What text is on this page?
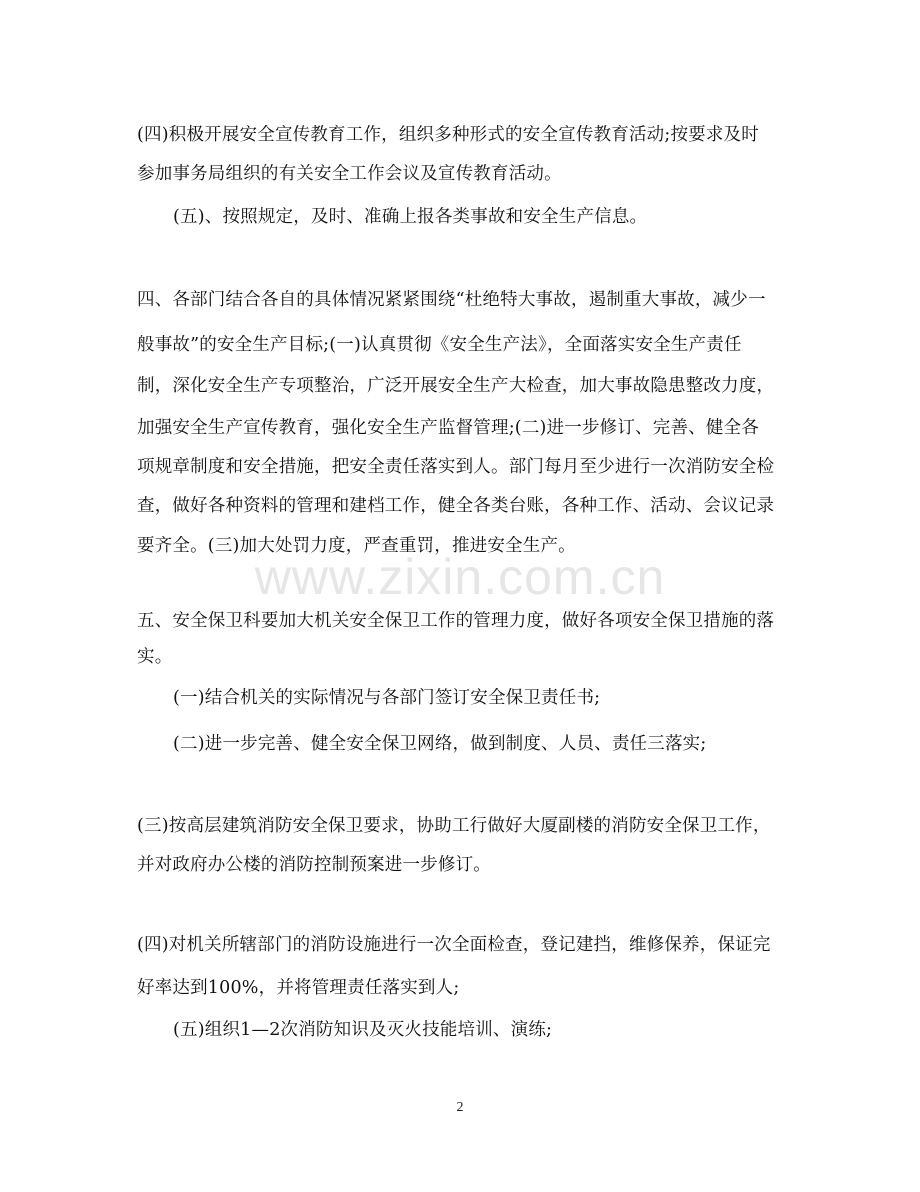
www.zixin.com.cn
(四)积极开展安全宣传教育工作，组织多种形式的安全宣传教育活动;按要求及时
参加事务局组织的有关安全工作会议及宣传教育活动。
(五)、按照规定，及时、准确上报各类事故和安全生产信息。
四、各部门结合各自的具体情况紧紧围绕“杜绝特大事故，遏制重大事故，减少一
般事故”的安全生产目标;(一)认真贯彻《安全生产法》，全面落实安全生产责任
制，深化安全生产专项整治，广泛开展安全生产大检查，加大事故隐患整改力度，
加强安全生产宣传教育，强化安全生产监督管理;(二)进一步修订、完善、健全各
项规章制度和安全措施，把安全责任落实到人。部门每月至少进行一次消防安全检
查，做好各种资料的管理和建档工作，健全各类台账，各种工作、活动、会议记录
要齐全。(三)加大处罚力度，严查重罚，推进安全生产。
五、安全保卫科要加大机关安全保卫工作的管理力度，做好各项安全保卫措施的落
实。
(一)结合机关的实际情况与各部门签订安全保卫责任书;
(二)进一步完善、健全安全保卫网络，做到制度、人员、责任三落实;
(三)按高层建筑消防安全保卫要求，协助工行做好大厦副楼的消防安全保卫工作，
并对政府办公楼的消防控制预案进一步修订。
(四)对机关所辖部门的消防设施进行一次全面检查，登记建挡，维修保养，保证完
好率达到100%，并将管理责任落实到人;
(五)组织1—2次消防知识及灭火技能培训、演练;
2
